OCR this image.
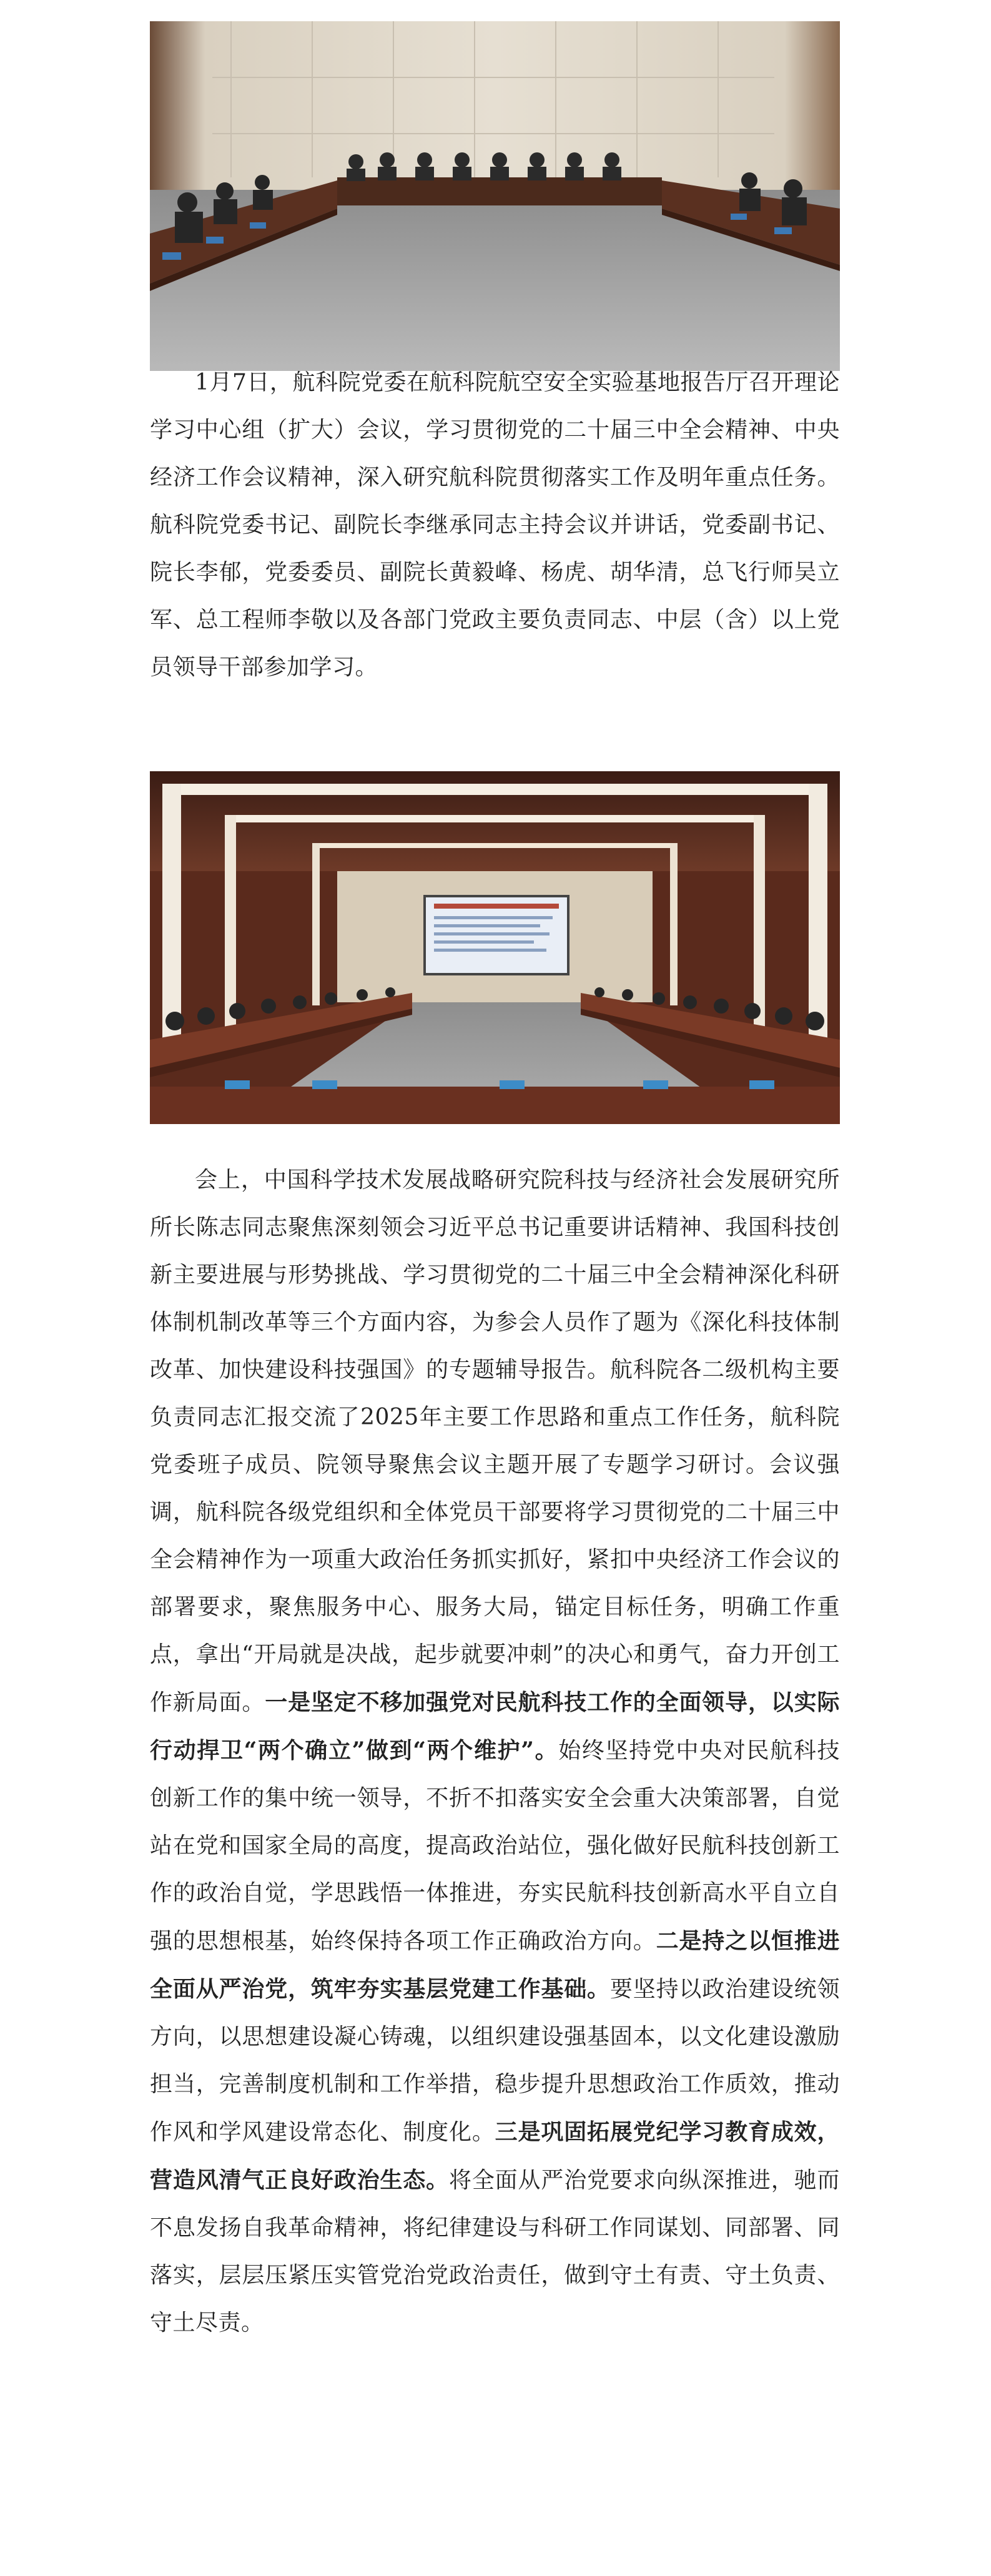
1月7日，航科院党委在航科院航空安全实验基地报告厅召开理论学习中心组（扩大）会议，学习贯彻党的二十届三中全会精神、中央经济工作会议精神，深入研究航科院贯彻落实工作及明年重点任务。航科院党委书记、副院长李继承同志主持会议并讲话，党委副书记、院长李郁，党委委员、副院长黄毅峰、杨虎、胡华清，总飞行师吴立军、总工程师李敬以及各部门党政主要负责同志、中层（含）以上党员领导干部参加学习。

会上，中国科学技术发展战略研究院科技与经济社会发展研究所所长陈志同志聚焦深刻领会习近平总书记重要讲话精神、我国科技创新主要进展与形势挑战、学习贯彻党的二十届三中全会精神深化科研体制机制改革等三个方面内容，为参会人员作了题为《深化科技体制改革、加快建设科技强国》的专题辅导报告。航科院各二级机构主要负责同志汇报交流了2025年主要工作思路和重点工作任务，航科院党委班子成员、院领导聚焦会议主题开展了专题学习研讨。会议强调，航科院各级党组织和全体党员干部要将学习贯彻党的二十届三中全会精神作为一项重大政治任务抓实抓好，紧扣中央经济工作会议的部署要求，聚焦服务中心、服务大局，锚定目标任务，明确工作重点，拿出“开局就是决战，起步就要冲刺”的决心和勇气，奋力开创工作新局面。一是坚定不移加强党对民航科技工作的全面领导，以实际行动捍卫“两个确立”做到“两个维护”。始终坚持党中央对民航科技创新工作的集中统一领导，不折不扣落实安全会重大决策部署，自觉站在党和国家全局的高度，提高政治站位，强化做好民航科技创新工作的政治自觉，学思践悟一体推进，夯实民航科技创新高水平自立自强的思想根基，始终保持各项工作正确政治方向。二是持之以恒推进全面从严治党，筑牢夯实基层党建工作基础。要坚持以政治建设统领方向，以思想建设凝心铸魂，以组织建设强基固本，以文化建设激励担当，完善制度机制和工作举措，稳步提升思想政治工作质效，推动作风和学风建设常态化、制度化。三是巩固拓展党纪学习教育成效，营造风清气正良好政治生态。将全面从严治党要求向纵深推进，驰而不息发扬自我革命精神，将纪律建设与科研工作同谋划、同部署、同落实，层层压紧压实管党治党政治责任，做到守土有责、守土负责、守土尽责。
